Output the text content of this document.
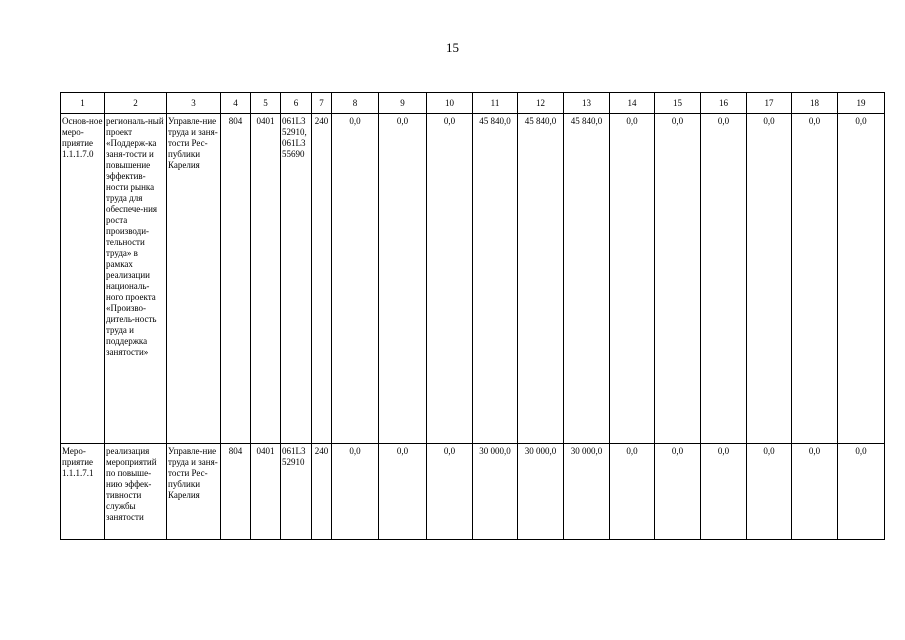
15
1	2	3	4	5	6	7	8	9	10	11	12	13	14	15	16	17	18	19
Основ-ное меро-приятие 1.1.1.7.0	региональ-ный проект «Поддерж-ка заня-тости и повышение эффектив-ности рынка труда для обеспече-ния роста производи-тельности труда» в рамках реализации националь-ного проекта «Произво-дитель-ность труда и поддержка занятости»	Управле-ние труда и заня-тости Рес-публики Карелия	804	0401	061L3 52910, 061L3 55690	240	0,0	0,0	0,0	45 840,0	45 840,0	45 840,0	0,0	0,0	0,0	0,0	0,0	0,0
Меро-приятие 1.1.1.7.1	реализация мероприятий по повыше-нию эффек-тивности службы занятости	Управле-ние труда и заня-тости Рес-публики Карелия	804	0401	061L3 52910	240	0,0	0,0	0,0	30 000,0	30 000,0	30 000,0	0,0	0,0	0,0	0,0	0,0	0,0
